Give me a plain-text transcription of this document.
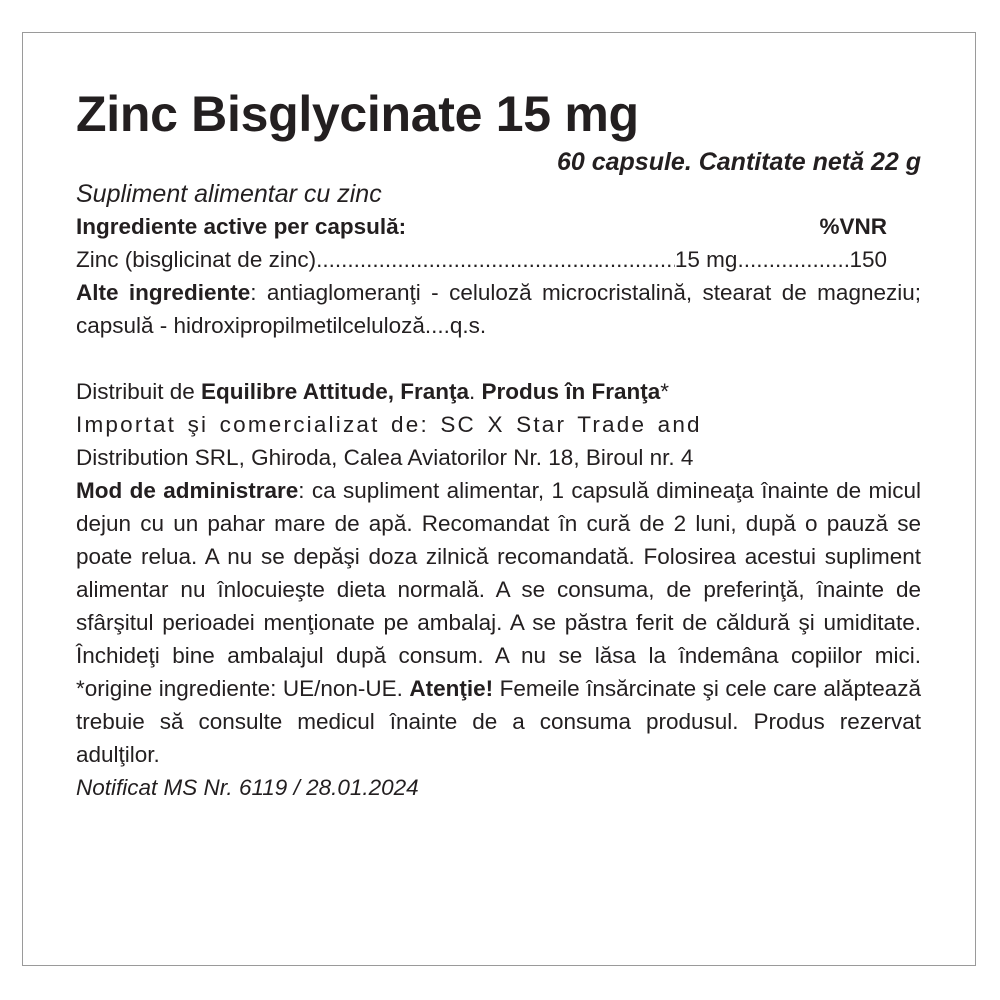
Zinc Bisglycinate 15 mg

60 capsule. Cantitate netă 22 g

Supliment alimentar cu zinc

Ingrediente active per capsulă:	%VNR
Zinc (bisglicinat de zinc) .....	15 mg .....	150

Alte ingrediente: antiaglomeranţi - celuloză microcristalină, stearat de magneziu; capsulă - hidroxipropilmetilceluloză....q.s.

Distribuit de Equilibre Attitude, Franţa. Produs în Franţa*

Importat şi comercializat de: SC X Star Trade and

Distribution SRL, Ghiroda, Calea Aviatorilor Nr. 18, Biroul nr. 4

Mod de administrare: ca supliment alimentar, 1 capsulă dimineaţa înainte de micul dejun cu un pahar mare de apă. Recomandat în cură de 2 luni, după o pauză se poate relua. A nu se depăşi doza zilnică recomandată. Folosirea acestui supliment alimentar nu înlocuieşte dieta normală. A se consuma, de preferinţă, înainte de sfârşitul perioadei menţionate pe ambalaj. A se păstra ferit de căldură şi umiditate. Închideţi bine ambalajul după consum. A nu se lăsa la îndemâna copiilor mici. *origine ingrediente: UE/non-UE. Atenţie! Femeile însărcinate şi cele care alăptează trebuie să consulte medicul înainte de a consuma produsul. Produs rezervat adulţilor.

Notificat MS Nr. 6119 / 28.01.2024
